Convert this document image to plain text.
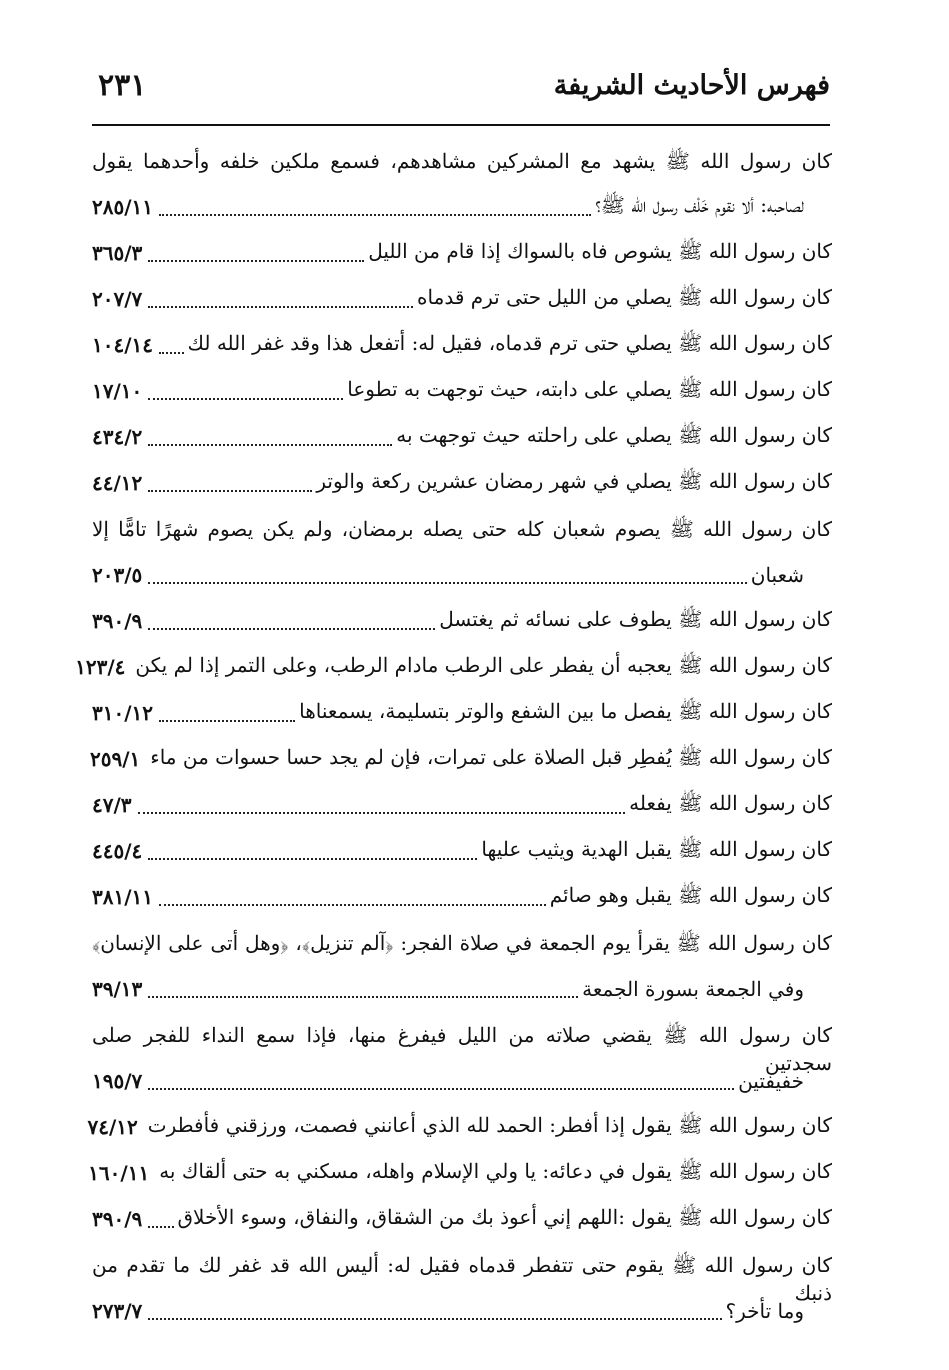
فهرس الأحاديث الشريفة
٢٣١
كان رسول الله ﷺ يشهد مع المشركين مشاهدهم، فسمع ملكين خلفه وأحدهما يقول
لصاحبه: ألا نقوم خَلْف رسول الله ﷺ؟
٢٨٥/١١
كان رسول الله ﷺ يشوص فاه بالسواك إذا قام من الليل
٣٦٥/٣
كان رسول الله ﷺ يصلي من الليل حتى ترم قدماه
٢٠٧/٧
كان رسول الله ﷺ يصلي حتى ترم قدماه، فقيل له: أتفعل هذا وقد غفر الله لك
١٠٤/١٤
كان رسول الله ﷺ يصلي على دابته، حيث توجهت به تطوعا
١٧/١٠
كان رسول الله ﷺ يصلي على راحلته حيث توجهت به
٤٣٤/٢
كان رسول الله ﷺ يصلي في شهر رمضان عشرين ركعة والوتر
٤٤/١٢
كان رسول الله ﷺ يصوم شعبان كله حتى يصله برمضان، ولم يكن يصوم شهرًا تامًّا إلا
شعبان
٢٠٣/٥
كان رسول الله ﷺ يطوف على نسائه ثم يغتسل
٣٩٠/٩
كان رسول الله ﷺ يعجبه أن يفطر على الرطب مادام الرطب، وعلى التمر إذا لم يكن
١٢٣/٤
كان رسول الله ﷺ يفصل ما بين الشفع والوتر بتسليمة، يسمعناها
٣١٠/١٢
كان رسول الله ﷺ يُفطِر قبل الصلاة على تمرات، فإن لم يجد حسا حسوات من ماء
٢٥٩/١
كان رسول الله ﷺ يفعله
٤٧/٣
كان رسول الله ﷺ يقبل الهدية ويثيب عليها
٤٤٥/٤
كان رسول الله ﷺ يقبل وهو صائم
٣٨١/١١
كان رسول الله ﷺ يقرأ يوم الجمعة في صلاة الفجر: ﴿آلم تنزيل﴾، ﴿وهل أتى على الإنسان﴾
وفي الجمعة بسورة الجمعة
٣٩/١٣
كان رسول الله ﷺ يقضي صلاته من الليل فيفرغ منها، فإذا سمع النداء للفجر صلى سجدتين
خفيفتين
١٩٥/٧
كان رسول الله ﷺ يقول إذا أفطر: الحمد لله الذي أعانني فصمت، ورزقني فأفطرت
٧٤/١٢
كان رسول الله ﷺ يقول في دعائه: يا ولي الإسلام واهله، مسكني به حتى ألقاك به
١٦٠/١١
كان رسول الله ﷺ يقول :اللهم إني أعوذ بك من الشقاق، والنفاق، وسوء الأخلاق
٣٩٠/٩
كان رسول الله ﷺ يقوم حتى تتفطر قدماه فقيل له: أليس الله قد غفر لك ما تقدم من ذنبك
وما تأخر؟
٢٧٣/٧
